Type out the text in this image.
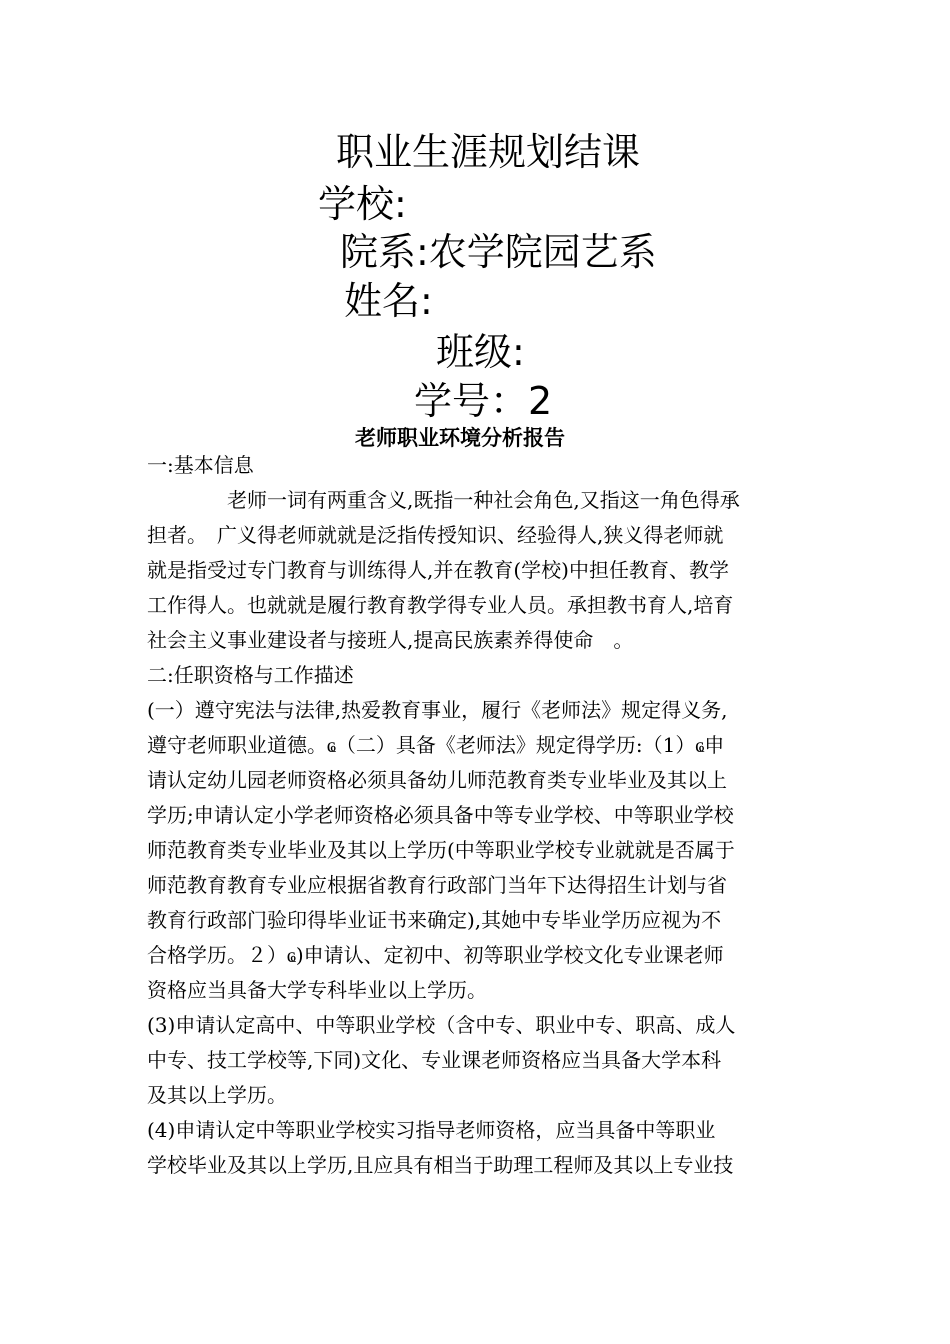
职业生涯规划结课
学校:
院系:农学院园艺系
姓名:
班级:
学号：2
老师职业环境分析报告
一:基本信息
　　　　老师一词有两重含义,既指一种社会角色,又指这一角色得承
担者。　广义得老师就就是泛指传授知识、经验得人,狭义得老师就
就是指受过专门教育与训练得人,并在教育(学校)中担任教育、教学
工作得人。也就就是履行教育教学得专业人员。承担教书育人,培育
社会主义事业建设者与接班人,提高民族素养得使命　。
二:任职资格与工作描述
(一）遵守宪法与法律,热爱教育事业，履行《老师法》规定得义务,
遵守老师职业道德。ҩ（二）具备《老师法》规定得学历:（1）ҩ申
请认定幼儿园老师资格必须具备幼儿师范教育类专业毕业及其以上
学历;申请认定小学老师资格必须具备中等专业学校、中等职业学校
师范教育类专业毕业及其以上学历(中等职业学校专业就就是否属于
师范教育教育专业应根据省教育行政部门当年下达得招生计划与省
教育行政部门验印得毕业证书来确定),其她中专毕业学历应视为不
合格学历。２）ҩ)申请认、定初中、初等职业学校文化专业课老师
资格应当具备大学专科毕业以上学历。
(3)申请认定高中、中等职业学校（含中专、职业中专、职高、成人
中专、技工学校等,下同)文化、专业课老师资格应当具备大学本科
及其以上学历。
(4)申请认定中等职业学校实习指导老师资格，应当具备中等职业
学校毕业及其以上学历,且应具有相当于助理工程师及其以上专业技
